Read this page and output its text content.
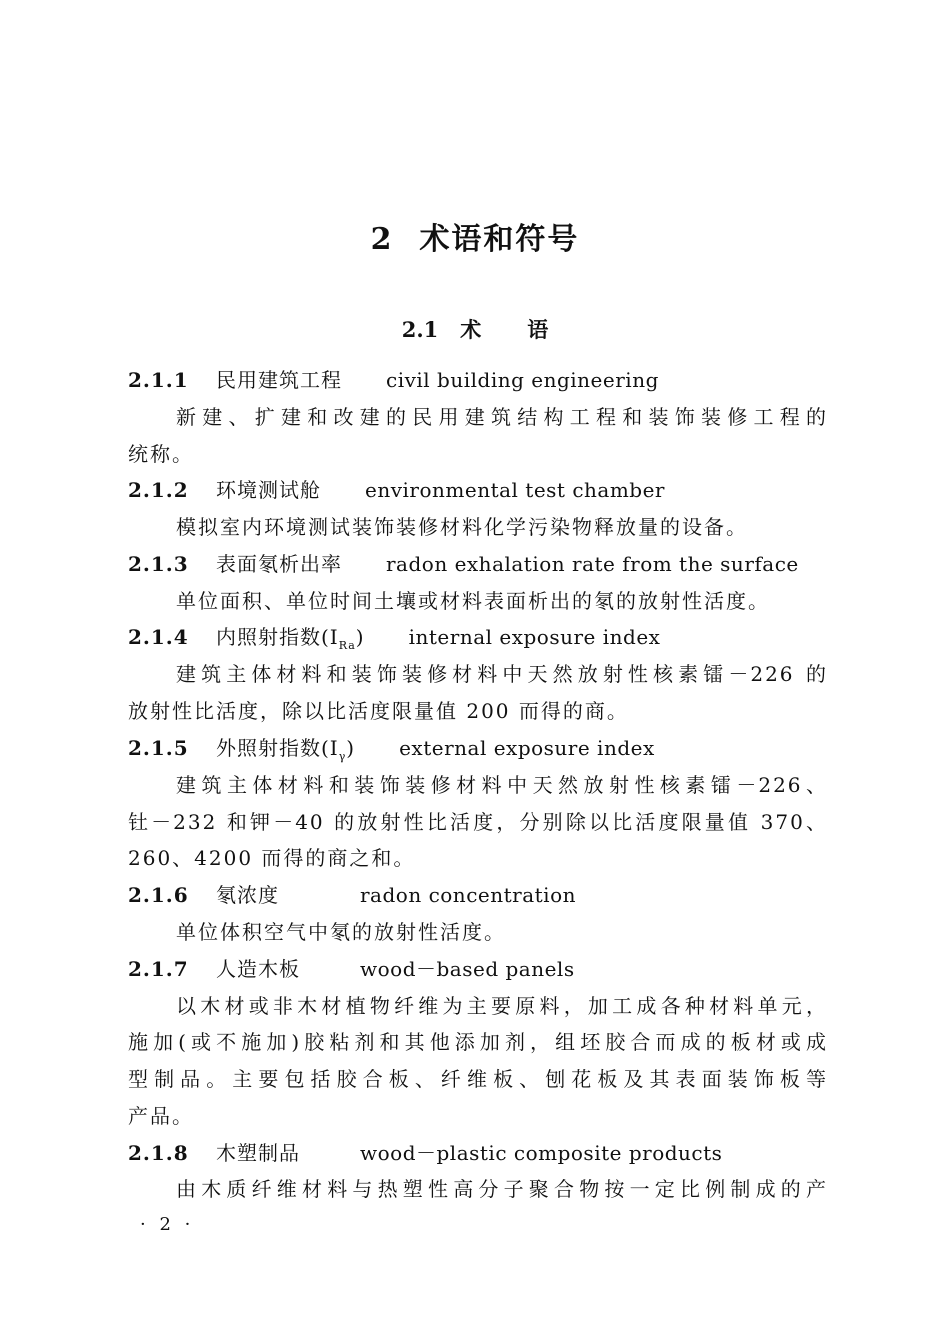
2 术语和符号
2.1 术 语
2.1.1 民用建筑工程 civil building engineering
新建、扩建和改建的民用建筑结构工程和装饰装修工程的
统称。
2.1.2 环境测试舱 environmental test chamber
模拟室内环境测试装饰装修材料化学污染物释放量的设备。
2.1.3 表面氡析出率 radon exhalation rate from the surface
单位面积、单位时间土壤或材料表面析出的氡的放射性活度。
2.1.4 内照射指数$(I_{Ra})$ internal exposure index
建筑主体材料和装饰装修材料中天然放射性核素镭－226 的
放射性比活度，除以比活度限量值 200 而得的商。
2.1.5 外照射指数$(I_\gamma)$ external exposure index
建筑主体材料和装饰装修材料中天然放射性核素镭－226、
钍－232 和钾－40 的放射性比活度，分别除以比活度限量值 370、
260、4200 而得的商之和。
2.1.6 氡浓度	radon concentration
单位体积空气中氡的放射性活度。
2.1.7 人造木板	wood－based panels
以木材或非木材植物纤维为主要原料，加工成各种材料单元，
施加(或不施加)胶粘剂和其他添加剂，组坯胶合而成的板材或成
型制品。主要包括胶合板、纤维板、刨花板及其表面装饰板等
产品。
2.1.8 木塑制品	wood－plastic composite products
由木质纤维材料与热塑性高分子聚合物按一定比例制成的产
· 2 ·
